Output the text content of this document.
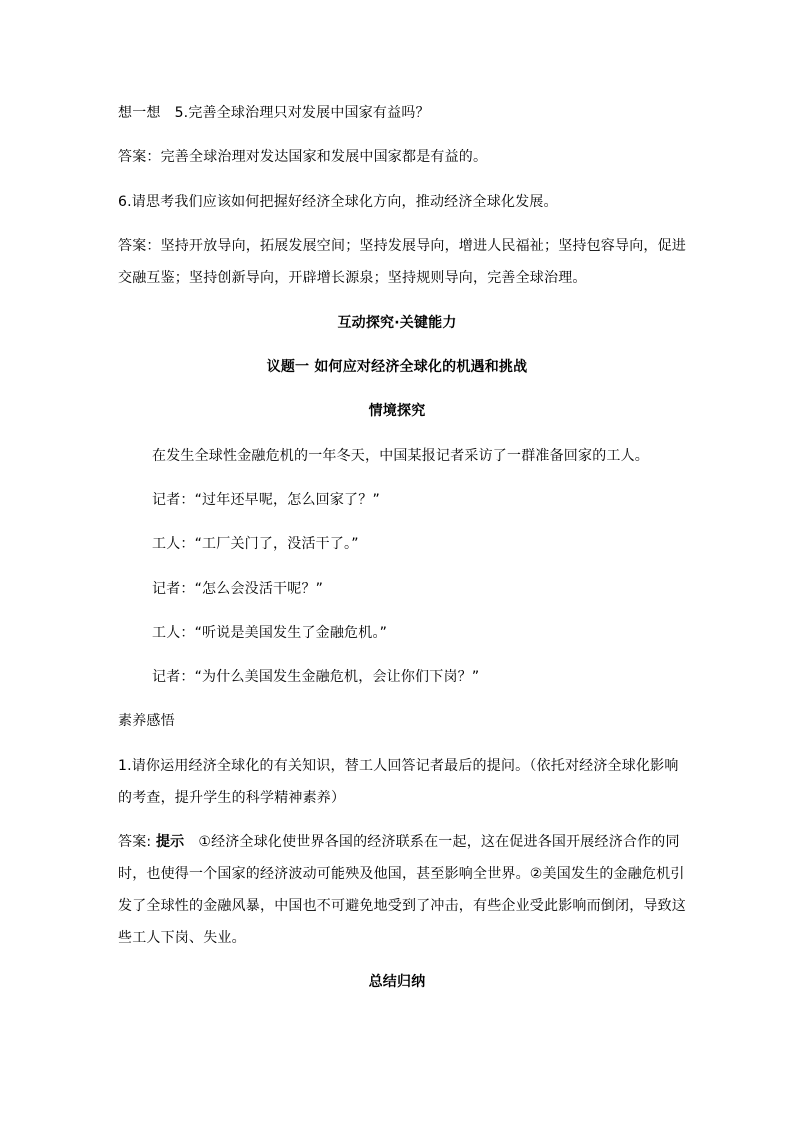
想一想 5.完善全球治理只对发展中国家有益吗？
答案：完善全球治理对发达国家和发展中国家都是有益的。
6.请思考我们应该如何把握好经济全球化方向，推动经济全球化发展。
答案：坚持开放导向，拓展发展空间；坚持发展导向，增进人民福祉；坚持包容导向，促进
交融互鉴；坚持创新导向，开辟增长源泉；坚持规则导向，完善全球治理。
互动探究·关键能力
议题一 如何应对经济全球化的机遇和挑战
情境探究
在发生全球性金融危机的一年冬天，中国某报记者采访了一群准备回家的工人。
记者：“过年还早呢，怎么回家了？”
工人：“工厂关门了，没活干了。”
记者：“怎么会没活干呢？”
工人：“听说是美国发生了金融危机。”
记者：“为什么美国发生金融危机，会让你们下岗？”
素养感悟
1.请你运用经济全球化的有关知识，替工人回答记者最后的提问。（依托对经济全球化影响
的考查，提升学生的科学精神素养）
答案: 提示 ①经济全球化使世界各国的经济联系在一起，这在促进各国开展经济合作的同
时，也使得一个国家的经济波动可能殃及他国，甚至影响全世界。②美国发生的金融危机引
发了全球性的金融风暴，中国也不可避免地受到了冲击，有些企业受此影响而倒闭，导致这
些工人下岗、失业。
总结归纳
